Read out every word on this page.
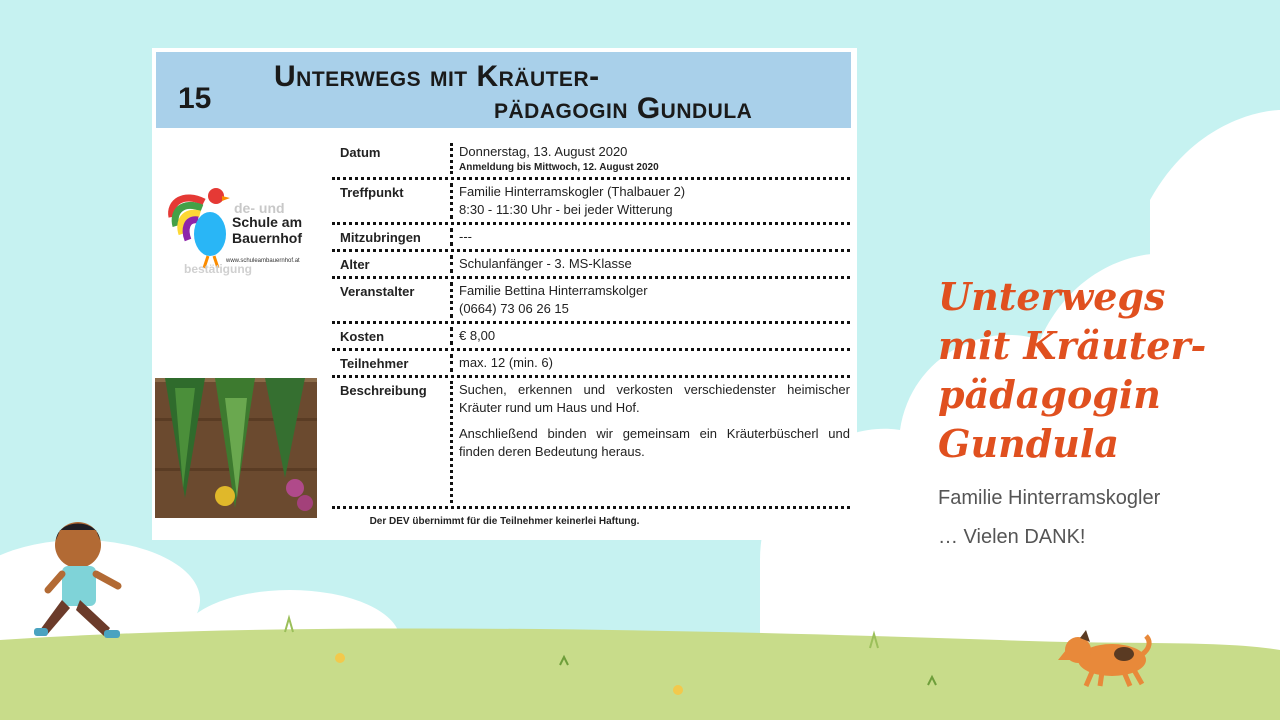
15
Unterwegs mit Kräuter-
pädagogin Gundula
de- und
Schule am
Bauernhof
www.schuleambauernhof.at
bestätigung
Datum	Donnerstag, 13. August 2020
Anmeldung bis Mittwoch, 12. August 2020
Treffpunkt	Familie Hinterramskogler (Thalbauer 2)
8:30 - 11:30 Uhr - bei jeder Witterung
Mitzubringen	---
Alter	Schulanfänger - 3. MS-Klasse
Veranstalter	Familie Bettina Hinterramskolger
(0664) 73 06 26 15
Kosten	€ 8,00
Teilnehmer	max. 12 (min. 6)
Beschreibung Suchen, erkennen und verkosten verschiedenster heimischer Kräuter rund um Haus und Hof.

Anschließend binden wir gemeinsam ein Kräuterbüscherl und finden deren Bedeutung heraus.

Der DEV übernimmt für die Teilnehmer keinerlei Haftung.
Unterwegs
mit Kräuter-
pädagogin
Gundula
Familie Hinterramskogler
… Vielen DANK!
